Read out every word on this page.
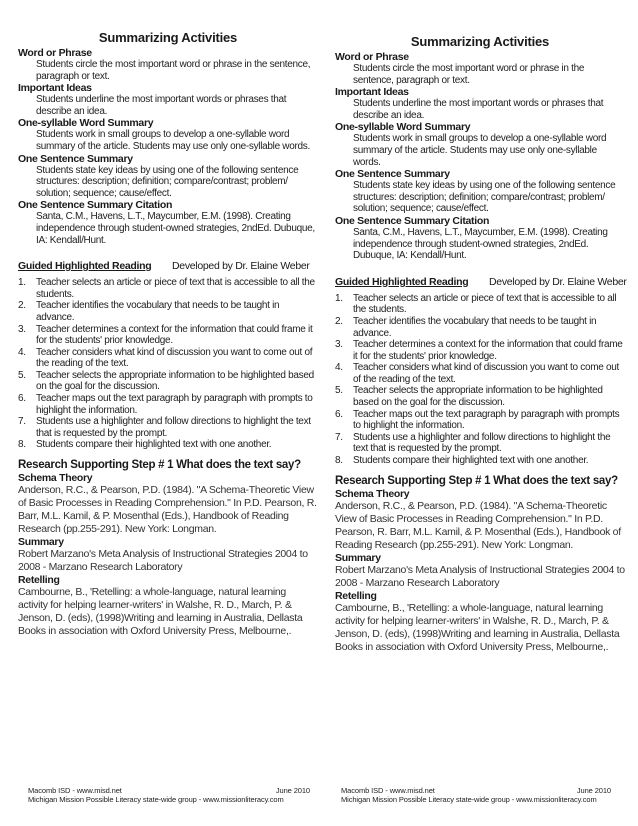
Summarizing Activities
Word or Phrase
Students circle the most important word or phrase in the sentence, paragraph or text.
Important Ideas
Students underline the most important words or phrases that describe an idea.
One-syllable Word Summary
Students work in small groups to develop a one-syllable word summary of the article. Students may use only one-syllable words.
One Sentence Summary
Students state key ideas by using one of the following sentence structures: description; definition; compare/contrast; problem/ solution; sequence; cause/effect.
One Sentence Summary Citation
Santa, C.M., Havens, L.T., Maycumber, E.M. (1998). Creating independence through student-owned strategies, 2ndEd. Dubuque, IA: Kendall/Hunt.
Guided Highlighted Reading Developed by Dr. Elaine Weber
1. Teacher selects an article or piece of text that is accessible to all the students.
2. Teacher identifies the vocabulary that needs to be taught in advance.
3. Teacher determines a context for the information that could frame it for the students' prior knowledge.
4. Teacher considers what kind of discussion you want to come out of the reading of the text.
5. Teacher selects the appropriate information to be highlighted based on the goal for the discussion.
6. Teacher maps out the text paragraph by paragraph with prompts to highlight the information.
7. Students use a highlighter and follow directions to highlight the text that is requested by the prompt.
8. Students compare their highlighted text with one another.
Research Supporting Step # 1 What does the text say?
Schema Theory
Anderson, R.C., & Pearson, P.D. (1984). "A Schema-Theoretic View of Basic Processes in Reading Comprehension." In P.D. Pearson, R. Barr, M.L. Kamil, & P. Mosenthal (Eds.), Handbook of Reading Research (pp.255-291). New York: Longman.
Summary
Robert Marzano's Meta Analysis of Instructional Strategies 2004 to 2008 - Marzano Research Laboratory
Retelling
Cambourne, B., 'Retelling: a whole-language, natural learning activity for helping learner-writers' in Walshe, R. D., March, P. & Jenson, D. (eds), (1998)Writing and learning in Australia, Dellasta Books in association with Oxford University Press, Melbourne,.
Macomb ISD - www.misd.net	June 2010
Michigan Mission Possible Literacy state-wide group - www.missionliteracy.com
Summarizing Activities
Word or Phrase
Students circle the most important word or phrase in the sentence, paragraph or text.
Important Ideas
Students underline the most important words or phrases that describe an idea.
One-syllable Word Summary
Students work in small groups to develop a one-syllable word summary of the article. Students may use only one-syllable words.
One Sentence Summary
Students state key ideas by using one of the following sentence structures: description; definition; compare/contrast; problem/ solution; sequence; cause/effect.
One Sentence Summary Citation
Santa, C.M., Havens, L.T., Maycumber, E.M. (1998). Creating independence through student-owned strategies, 2ndEd. Dubuque, IA: Kendall/Hunt.
Guided Highlighted Reading Developed by Dr. Elaine Weber
1. Teacher selects an article or piece of text that is accessible to all the students.
2. Teacher identifies the vocabulary that needs to be taught in advance.
3. Teacher determines a context for the information that could frame it for the students' prior knowledge.
4. Teacher considers what kind of discussion you want to come out of the reading of the text.
5. Teacher selects the appropriate information to be highlighted based on the goal for the discussion.
6. Teacher maps out the text paragraph by paragraph with prompts to highlight the information.
7. Students use a highlighter and follow directions to highlight the text that is requested by the prompt.
8. Students compare their highlighted text with one another.
Research Supporting Step # 1 What does the text say?
Schema Theory
Anderson, R.C., & Pearson, P.D. (1984). "A Schema-Theoretic View of Basic Processes in Reading Comprehension." In P.D. Pearson, R. Barr, M.L. Kamil, & P. Mosenthal (Eds.), Handbook of Reading Research (pp.255-291). New York: Longman.
Summary
Robert Marzano's Meta Analysis of Instructional Strategies 2004 to 2008 - Marzano Research Laboratory
Retelling
Cambourne, B., 'Retelling: a whole-language, natural learning activity for helping learner-writers' in Walshe, R. D., March, P. & Jenson, D. (eds), (1998)Writing and learning in Australia, Dellasta Books in association with Oxford University Press, Melbourne,.
Macomb ISD - www.misd.net	June 2010
Michigan Mission Possible Literacy state-wide group - www.missionliteracy.com
